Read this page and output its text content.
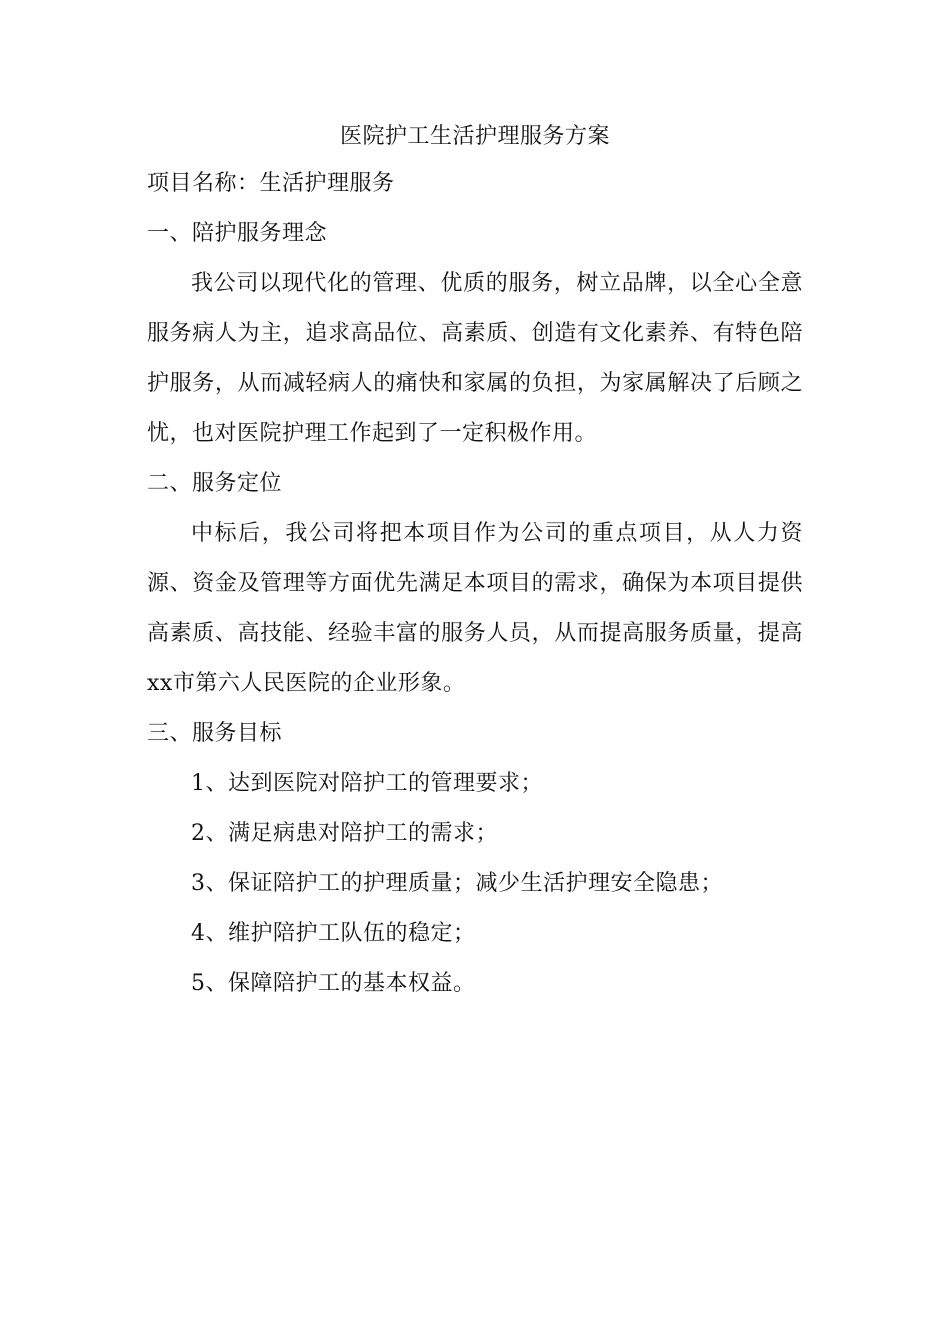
医院护工生活护理服务方案

项目名称：生活护理服务

一、陪护服务理念

我公司以现代化的管理、优质的服务，树立品牌，以全心全意服务病人为主，追求高品位、高素质、创造有文化素养、有特色陪护服务，从而减轻病人的痛快和家属的负担，为家属解决了后顾之忧，也对医院护理工作起到了一定积极作用。

二、服务定位

中标后，我公司将把本项目作为公司的重点项目，从人力资源、资金及管理等方面优先满足本项目的需求，确保为本项目提供高素质、高技能、经验丰富的服务人员，从而提高服务质量，提高xx市第六人民医院的企业形象。

三、服务目标

1、达到医院对陪护工的管理要求；
2、满足病患对陪护工的需求；
3、保证陪护工的护理质量；减少生活护理安全隐患；
4、维护陪护工队伍的稳定；
5、保障陪护工的基本权益。
